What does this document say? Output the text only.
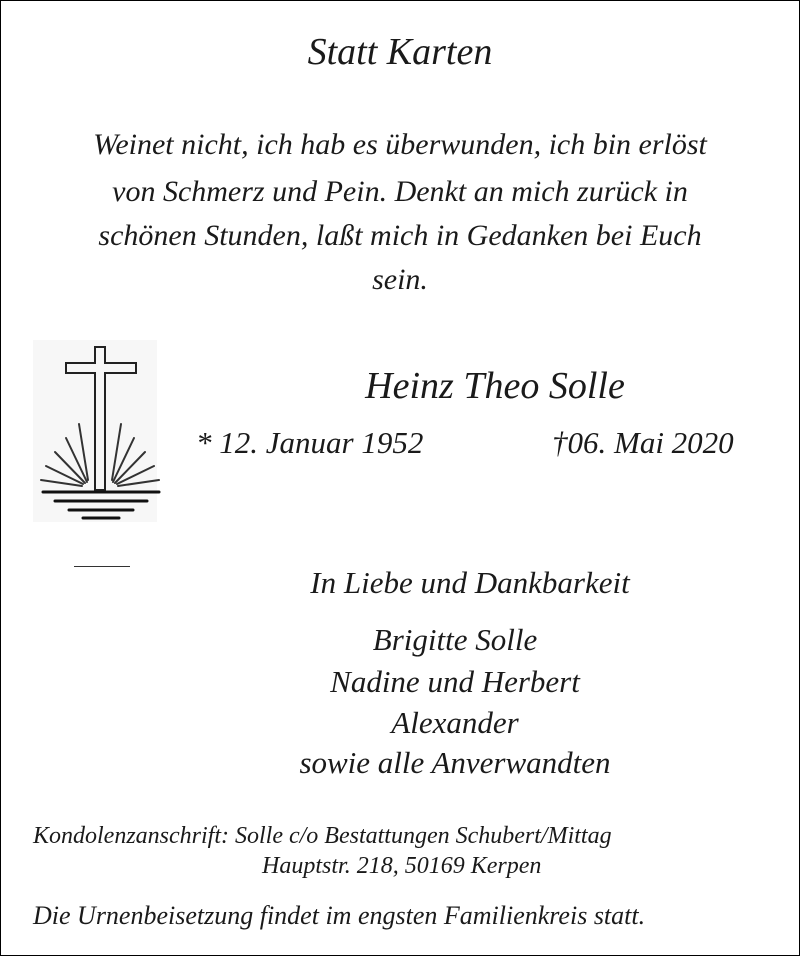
Statt Karten
Weinet nicht, ich hab es überwunden, ich bin erlöst
von Schmerz und Pein. Denkt an mich zurück in
schönen Stunden, laßt mich in Gedanken bei Euch
sein.
Heinz Theo Solle
* 12. Januar 1952	†06. Mai 2020
In Liebe und Dankbarkeit
Brigitte Solle
Nadine und Herbert
Alexander
sowie alle Anverwandten
Kondolenzanschrift: Solle c/o Bestattungen Schubert/Mittag
Hauptstr. 218, 50169 Kerpen
Die Urnenbeisetzung findet im engsten Familienkreis statt.
